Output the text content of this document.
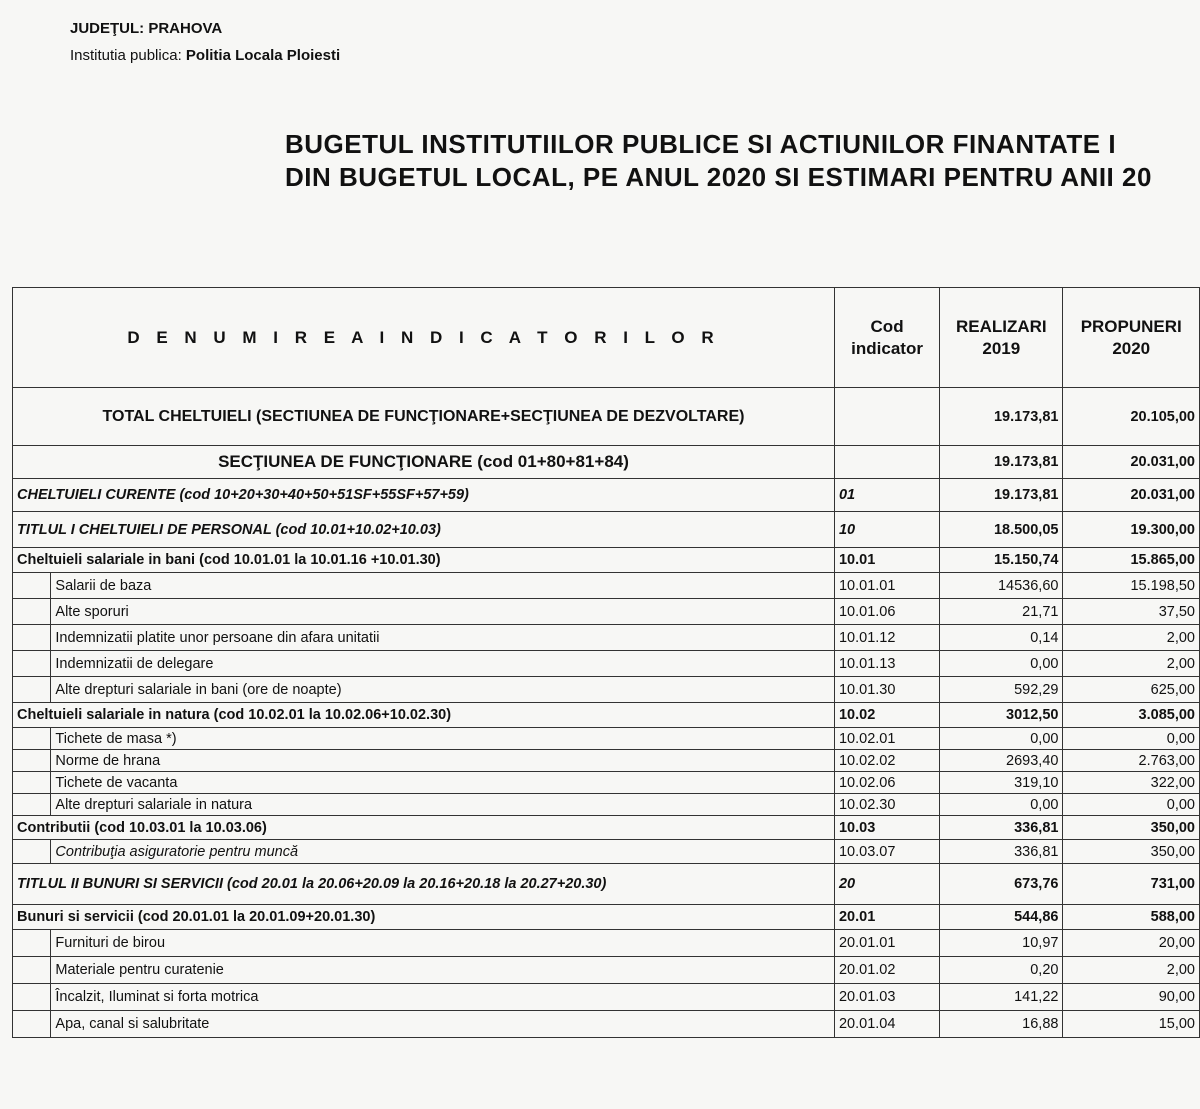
JUDEŢUL: PRAHOVA
Institutia publica: Politia Locala Ploiesti
BUGETUL INSTITUTIILOR PUBLICE SI ACTIUNILOR FINANTATE I
DIN BUGETUL LOCAL, PE ANUL 2020 SI ESTIMARI PENTRU ANII 20
D E N U M I R E A I N D I C A T O R I L O R		Cod indicator	REALIZARI 2019	PROPUNERI 2020
TOTAL CHELTUIELI (SECTIUNEA DE FUNCŢIONARE+SECŢIUNEA DE DEZVOLTARE)			19.173,81	20.105,00
SECŢIUNEA DE FUNCŢIONARE (cod 01+80+81+84)			19.173,81	20.031,00
CHELTUIELI CURENTE (cod 10+20+30+40+50+51SF+55SF+57+59)		01	19.173,81	20.031,00
TITLUL I CHELTUIELI DE PERSONAL (cod 10.01+10.02+10.03)		10	18.500,05	19.300,00
Cheltuieli salariale in bani (cod 10.01.01 la 10.01.16 +10.01.30)		10.01	15.150,74	15.865,00
	Salarii de baza	10.01.01	14536,60	15.198,50
	Alte sporuri	10.01.06	21,71	37,50
	Indemnizatii platite unor persoane din afara unitatii	10.01.12	0,14	2,00
	Indemnizatii de delegare	10.01.13	0,00	2,00
	Alte drepturi salariale in bani (ore de noapte)	10.01.30	592,29	625,00
Cheltuieli salariale in natura (cod 10.02.01 la 10.02.06+10.02.30)		10.02	3012,50	3.085,00
	Tichete de masa *)	10.02.01	0,00	0,00
	Norme de hrana	10.02.02	2693,40	2.763,00
	Tichete de vacanta	10.02.06	319,10	322,00
	Alte drepturi salariale in natura	10.02.30	0,00	0,00
Contributii (cod 10.03.01 la 10.03.06)		10.03	336,81	350,00
	Contribuţia asiguratorie pentru muncă	10.03.07	336,81	350,00
TITLUL II BUNURI SI SERVICII (cod 20.01 la 20.06+20.09 la 20.16+20.18 la 20.27+20.30)		20	673,76	731,00
Bunuri si servicii (cod 20.01.01 la 20.01.09+20.01.30)		20.01	544,86	588,00
	Furnituri de birou	20.01.01	10,97	20,00
	Materiale pentru curatenie	20.01.02	0,20	2,00
	Încalzit, Iluminat si forta motrica	20.01.03	141,22	90,00
	Apa, canal si salubritate	20.01.04	16,88	15,00
